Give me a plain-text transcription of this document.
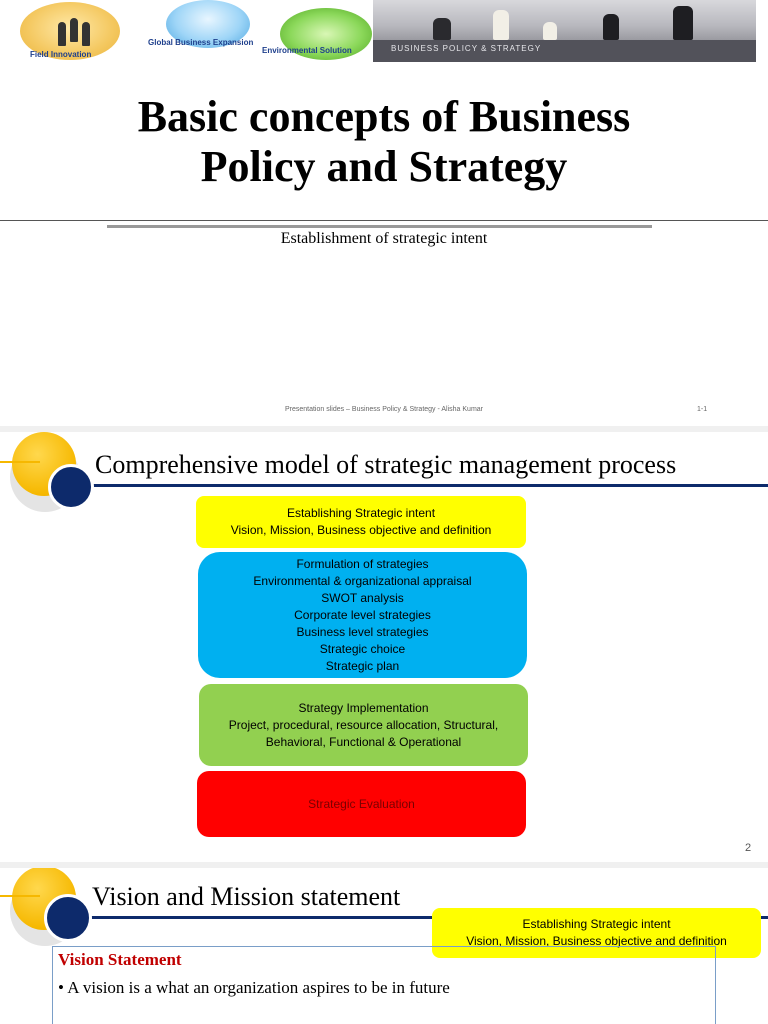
Field Innovation
Global Business Expansion
Environmental Solution	BUSINESS POLICY & STRATEGY
Basic concepts of Business
Policy and Strategy
Establishment of strategic intent
Presentation slides – Business Policy & Strategy - Alisha Kumar	1-1
Comprehensive model of strategic management process
Establishing Strategic intent
Vision, Mission, Business objective and definition
Formulation of strategies
Environmental & organizational appraisal
SWOT analysis
Corporate level strategies
Business level strategies
Strategic choice
Strategic plan
Strategy Implementation
Project, procedural, resource allocation, Structural,
Behavioral, Functional & Operational
Strategic Evaluation
2
Vision and Mission statement
Establishing Strategic intent
Vision, Mission, Business objective and definition
Vision Statement
• A vision is a what an organization aspires to be in future
